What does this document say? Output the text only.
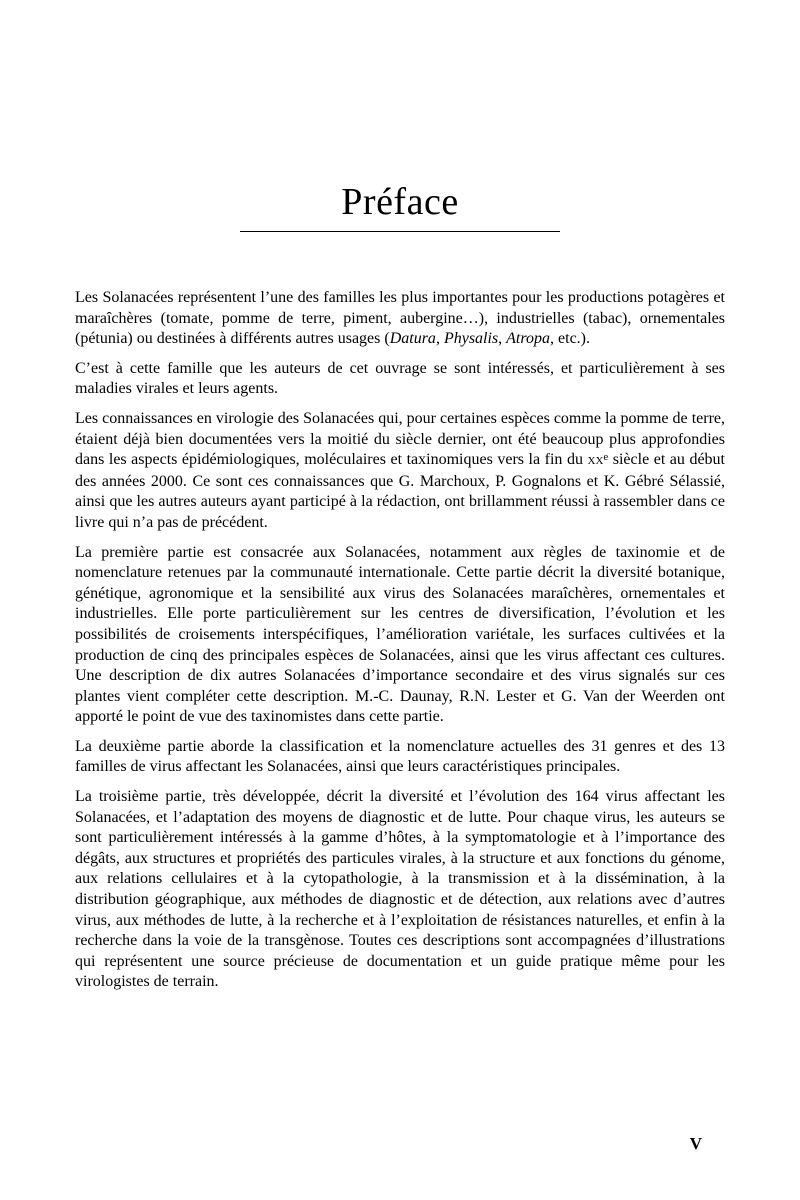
Préface

Les Solanacées représentent l’une des familles les plus importantes pour les productions potagères et maraîchères (tomate, pomme de terre, piment, aubergine…), industrielles (tabac), ornementales (pétunia) ou destinées à différents autres usages (Datura, Physalis, Atropa, etc.).

C’est à cette famille que les auteurs de cet ouvrage se sont intéressés, et particulièrement à ses maladies virales et leurs agents.

Les connaissances en virologie des Solanacées qui, pour certaines espèces comme la pomme de terre, étaient déjà bien documentées vers la moitié du siècle dernier, ont été beaucoup plus approfondies dans les aspects épidémiologiques, moléculaires et taxinomiques vers la fin du $xx^e$ siècle et au début des années 2000. Ce sont ces connaissances que G. Marchoux, P. Gognalons et K. Gébré Sélassié, ainsi que les autres auteurs ayant participé à la rédaction, ont brillamment réussi à rassembler dans ce livre qui n’a pas de précédent.

La première partie est consacrée aux Solanacées, notamment aux règles de taxinomie et de nomenclature retenues par la communauté internationale. Cette partie décrit la diversité botanique, génétique, agronomique et la sensibilité aux virus des Solanacées maraîchères, ornementales et industrielles. Elle porte particulièrement sur les centres de diversification, l’évolution et les possibilités de croisements interspécifiques, l’amélioration variétale, les surfaces cultivées et la production de cinq des principales espèces de Solanacées, ainsi que les virus affectant ces cultures. Une description de dix autres Solanacées d’importance secondaire et des virus signalés sur ces plantes vient compléter cette description. M.-C. Daunay, R.N. Lester et G. Van der Weerden ont apporté le point de vue des taxinomistes dans cette partie.

La deuxième partie aborde la classification et la nomenclature actuelles des 31 genres et des 13 familles de virus affectant les Solanacées, ainsi que leurs caractéristiques principales.

La troisième partie, très développée, décrit la diversité et l’évolution des 164 virus affectant les Solanacées, et l’adaptation des moyens de diagnostic et de lutte. Pour chaque virus, les auteurs se sont particulièrement intéressés à la gamme d’hôtes, à la symptomatologie et à l’importance des dégâts, aux structures et propriétés des particules virales, à la structure et aux fonctions du génome, aux relations cellulaires et à la cytopathologie, à la transmission et à la dissémination, à la distribution géographique, aux méthodes de diagnostic et de détection, aux relations avec d’autres virus, aux méthodes de lutte, à la recherche et à l’exploitation de résistances naturelles, et enfin à la recherche dans la voie de la transgènose. Toutes ces descriptions sont accompagnées d’illustrations qui représentent une source précieuse de documentation et un guide pratique même pour les virologistes de terrain.

V
